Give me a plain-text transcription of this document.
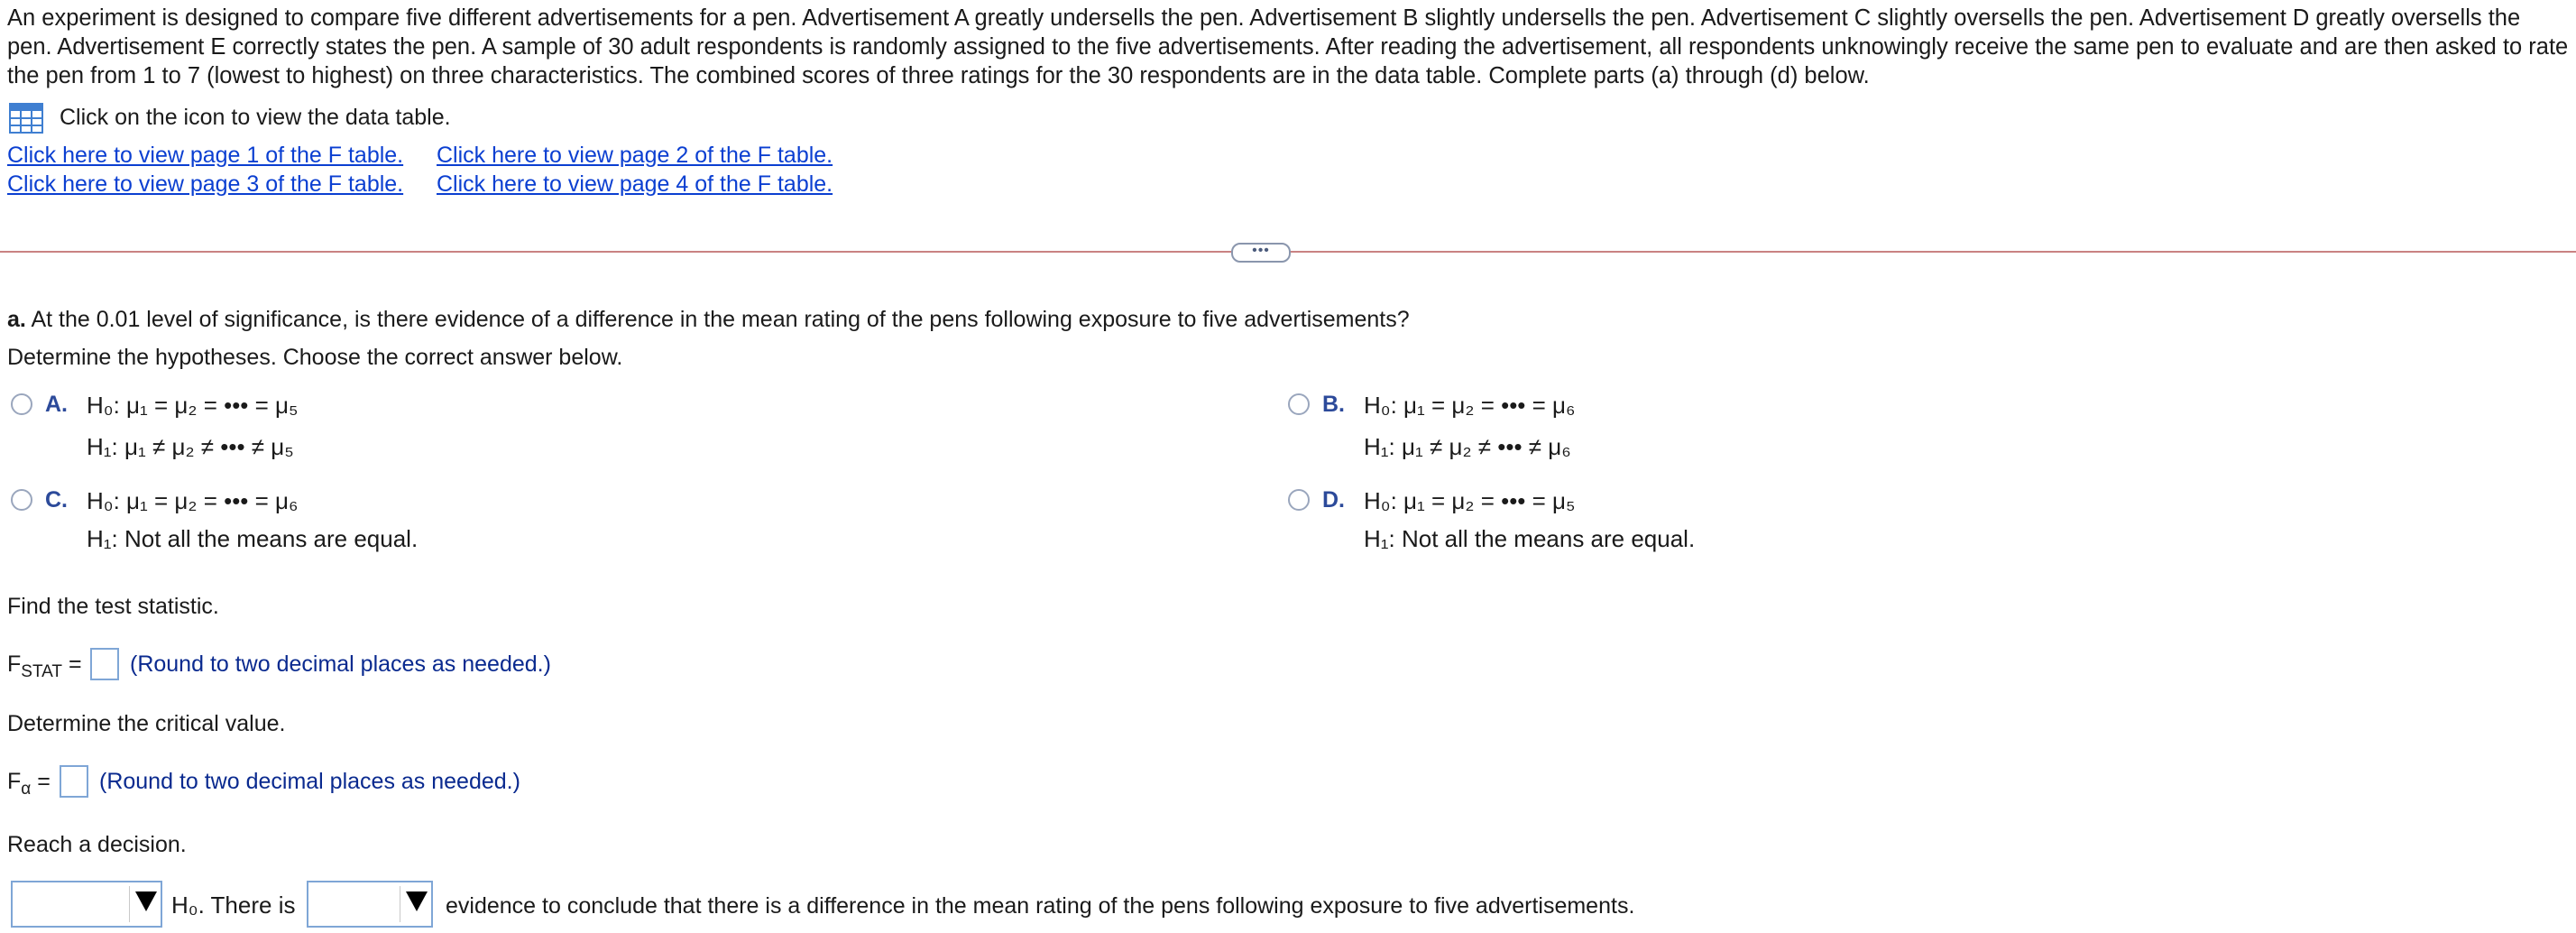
An experiment is designed to compare five different advertisements for a pen. Advertisement A greatly undersells the pen. Advertisement B slightly undersells the pen. Advertisement C slightly oversells the pen. Advertisement D greatly oversells the pen. Advertisement E correctly states the pen. A sample of 30 adult respondents is randomly assigned to the five advertisements. After reading the advertisement, all respondents unknowingly receive the same pen to evaluate and are then asked to rate the pen from 1 to 7 (lowest to highest) on three characteristics. The combined scores of three ratings for the 30 respondents are in the data table. Complete parts (a) through (d) below.
Click on the icon to view the data table.
Click here to view page 1 of the F table. Click here to view page 2 of the F table.
Click here to view page 3 of the F table. Click here to view page 4 of the F table.
•••
a. At the 0.01 level of significance, is there evidence of a difference in the mean rating of the pens following exposure to five advertisements?
Determine the hypotheses. Choose the correct answer below.
A. H₀: μ₁ = μ₂ = ••• = μ₅
H₁: μ₁ ≠ μ₂ ≠ ••• ≠ μ₅
B. H₀: μ₁ = μ₂ = ••• = μ₆
H₁: μ₁ ≠ μ₂ ≠ ••• ≠ μ₆
C. H₀: μ₁ = μ₂ = ••• = μ₆
H₁: Not all the means are equal.
D. H₀: μ₁ = μ₂ = ••• = μ₅
H₁: Not all the means are equal.
Find the test statistic.
$F_{STAT}$ = (Round to two decimal places as needed.)
Determine the critical value.
$F_\alpha$ = (Round to two decimal places as needed.)
Reach a decision.
H₀. There is	evidence to conclude that there is a difference in the mean rating of the pens following exposure to five advertisements.
